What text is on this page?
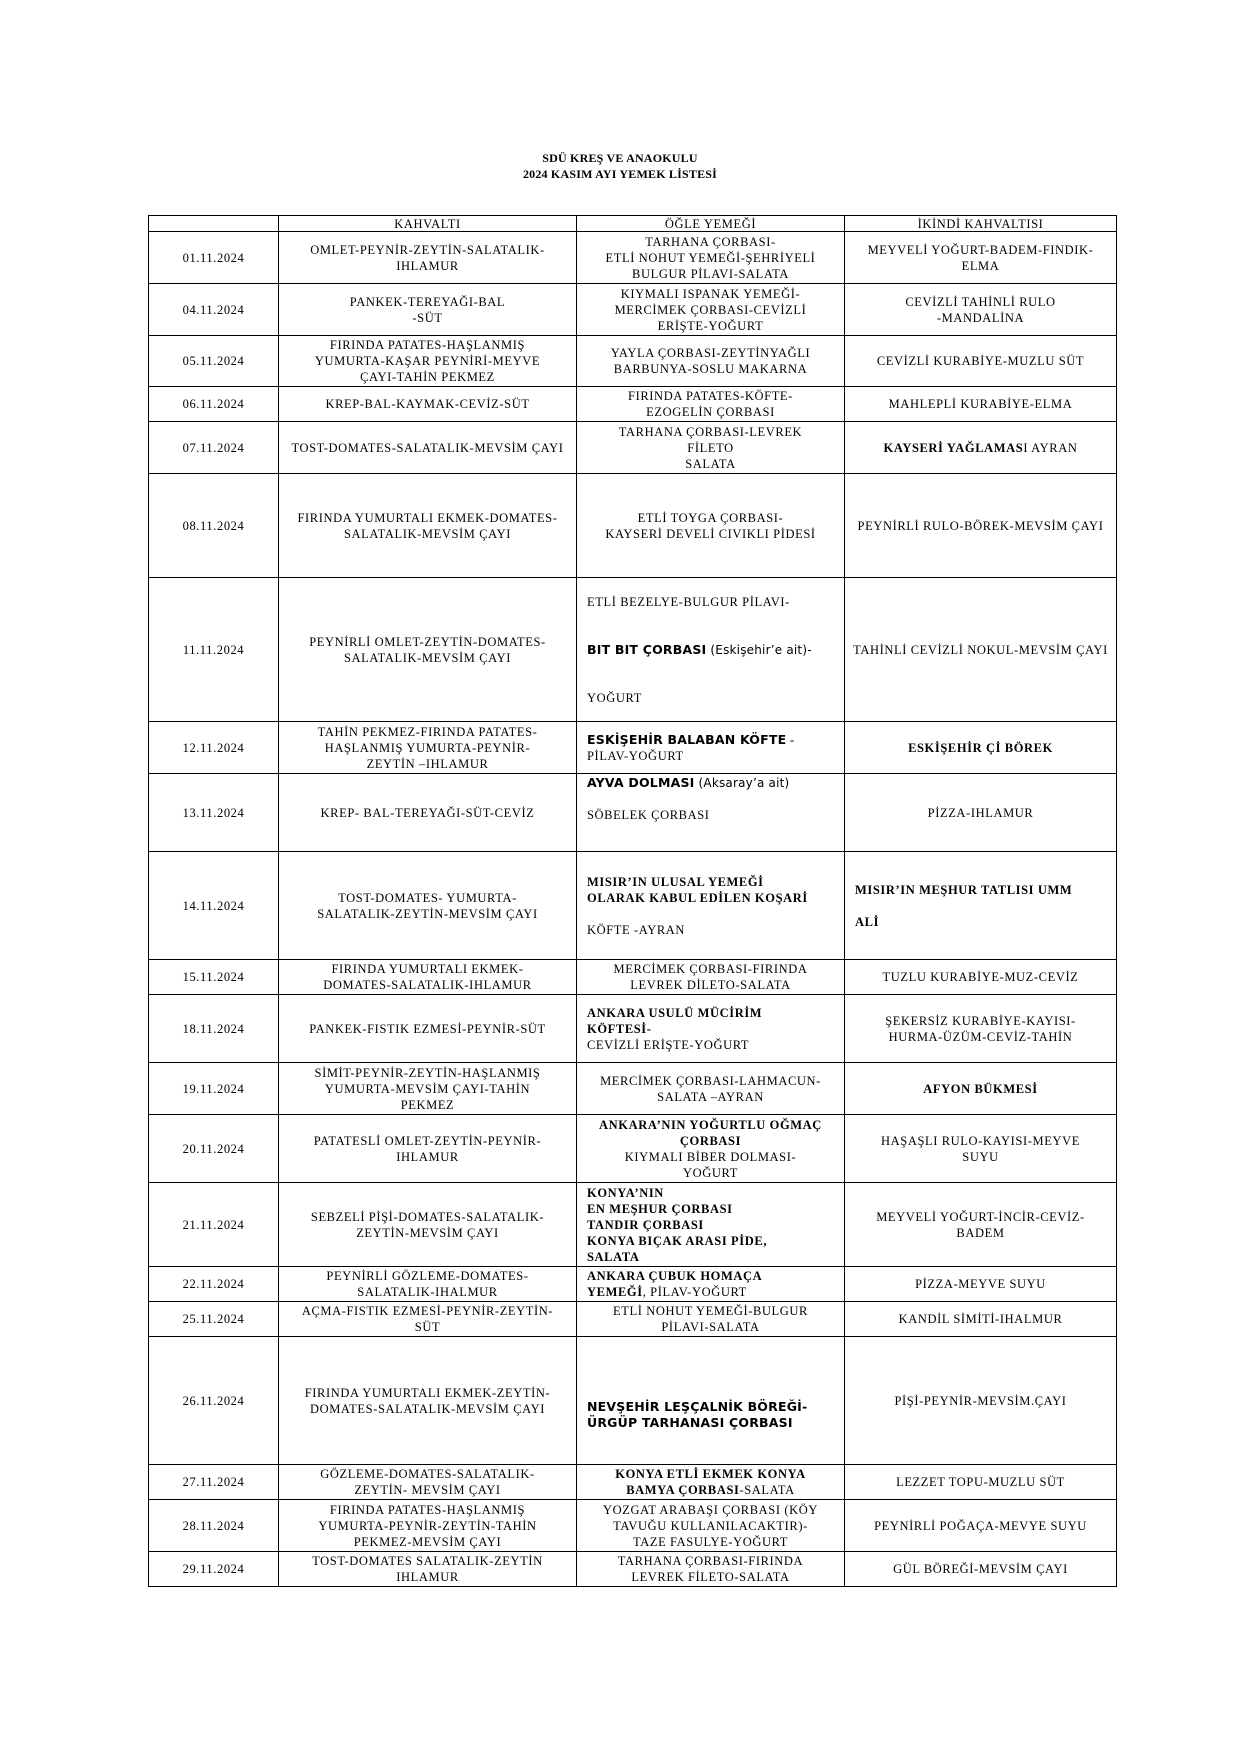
SDÜ KREŞ VE ANAOKULU
2024 KASIM AYI YEMEK LİSTESİ
	KAHVALTI	ÖĞLE YEMEĞİ	İKİNDİ KAHVALTISI
01.11.2024	OMLET-PEYNİR-ZEYTİN-SALATALIK-IHLAMUR	TARHANA ÇORBASI-
ETLİ NOHUT YEMEĞİ-ŞEHRİYELİ
BULGUR PİLAVI-SALATA	MEYVELİ YOĞURT-BADEM-FINDIK-ELMA
04.11.2024	PANKEK-TEREYAĞI-BAL
-SÜT	KIYMALI ISPANAK YEMEĞİ-
MERCİMEK ÇORBASI-CEVİZLİ
ERİŞTE-YOĞURT	CEVİZLİ TAHİNLİ RULO
-MANDALİNA

05.11.2024	FIRINDA PATATES-HAŞLANMIŞ
YUMURTA-KAŞAR PEYNİRİ-MEYVE
ÇAYI-TAHİN PEKMEZ	YAYLA ÇORBASI-ZEYTİNYAĞLI
BARBUNYA-SOSLU MAKARNA	CEVİZLİ KURABİYE-MUZLU SÜT
06.11.2024	KREP-BAL-KAYMAK-CEVİZ-SÜT	FIRINDA PATATES-KÖFTE-
EZOGELİN ÇORBASI	MAHLEPLİ KURABİYE-ELMA
07.11.2024	TOST-DOMATES-SALATALIK-MEVSİM ÇAYI	TARHANA ÇORBASI-LEVREK
FİLETO
SALATA	KAYSERİ YAĞLAMASI AYRAN
08.11.2024	FIRINDA YUMURTALI EKMEK-DOMATES-SALATALIK-MEVSİM ÇAYI	ETLİ TOYGA ÇORBASI-
KAYSERİ DEVELİ CIVIKLI PİDESİ	PEYNİRLİ RULO-BÖREK-MEVSİM ÇAYI
11.11.2024	PEYNİRLİ OMLET-ZEYTİN-DOMATES-SALATALIK-MEVSİM ÇAYI	ETLİ BEZELYE-BULGUR PİLAVI-
BIT BIT ÇORBASI (Eskişehir’e ait)-
YOĞURT	TAHİNLİ CEVİZLİ NOKUL-MEVSİM ÇAYI
12.11.2024	TAHİN PEKMEZ-FIRINDA PATATES-
HAŞLANMIŞ YUMURTA-PEYNİR-
ZEYTİN –IHLAMUR	ESKİŞEHİR BALABAN KÖFTE -
PİLAV-YOĞURT	ESKİŞEHİR Çİ BÖREK
13.11.2024	KREP- BAL-TEREYAĞI-SÜT-CEVİZ	AYVA DOLMASI (Aksaray’a ait)
SÖBELEK ÇORBASI	PİZZA-IHLAMUR
14.11.2024	TOST-DOMATES- YUMURTA-
SALATALIK-ZEYTİN-MEVSİM ÇAYI	MISIR’IN ULUSAL YEMEĞİ
OLARAK KABUL EDİLEN KOŞARİ
KÖFTE -AYRAN	MISIR’IN MEŞHUR TATLISI UMM
ALİ

15.11.2024	FIRINDA YUMURTALI EKMEK-
DOMATES-SALATALIK-IHLAMUR	MERCİMEK ÇORBASI-FIRINDA
LEVREK DİLETO-SALATA	TUZLU KURABİYE-MUZ-CEVİZ
18.11.2024	PANKEK-FISTIK EZMESİ-PEYNİR-SÜT	ANKARA USULÜ MÜCİRİM
KÖFTESİ-
CEVİZLİ ERİŞTE-YOĞURT	ŞEKERSİZ KURABİYE-KAYISI-
HURMA-ÜZÜM-CEVİZ-TAHİN

19.11.2024	SİMİT-PEYNİR-ZEYTİN-HAŞLANMIŞ
YUMURTA-MEVSİM ÇAYI-TAHİN
PEKMEZ	MERCİMEK ÇORBASI-LAHMACUN-
SALATA –AYRAN	AFYON BÜKMESİ
20.11.2024	PATATESLİ OMLET-ZEYTİN-PEYNİR-
IHLAMUR	ANKARA’NIN YOĞURTLU OĞMAÇ
ÇORBASI
KIYMALI BİBER DOLMASI-
YOĞURT	HAŞAŞLI RULO-KAYISI-MEYVE
SUYU

21.11.2024	SEBZELİ PİŞİ-DOMATES-SALATALIK-
ZEYTİN-MEVSİM ÇAYI	KONYA’NIN
EN MEŞHUR ÇORBASI
TANDIR ÇORBASI
KONYA BIÇAK ARASI PİDE,
SALATA	MEYVELİ YOĞURT-İNCİR-CEVİZ-
BADEM

22.11.2024	PEYNİRLİ GÖZLEME-DOMATES-
SALATALIK-IHALMUR	ANKARA ÇUBUK HOMAÇA
YEMEĞİ, PİLAV-YOĞURT	PİZZA-MEYVE SUYU
25.11.2024	AÇMA-FISTIK EZMESİ-PEYNİR-ZEYTİN-
SÜT	ETLİ NOHUT YEMEĞİ-BULGUR
PİLAVI-SALATA	KANDİL SİMİTİ-IHALMUR
26.11.2024	FIRINDA YUMURTALI EKMEK-ZEYTİN-
DOMATES-SALATALIK-MEVSİM ÇAYI	NEVŞEHİR LEŞÇALNİK BÖREĞİ-
ÜRGÜP TARHANASI ÇORBASI	PİŞİ-PEYNİR-MEVSİM.ÇAYI
27.11.2024	GÖZLEME-DOMATES-SALATALIK-
ZEYTİN- MEVSİM ÇAYI	KONYA ETLİ EKMEK KONYA
BAMYA ÇORBASI-SALATA	LEZZET TOPU-MUZLU SÜT
28.11.2024	FIRINDA PATATES-HAŞLANMIŞ
YUMURTA-PEYNİR-ZEYTİN-TAHİN
PEKMEZ-MEVSİM ÇAYI	YOZGAT ARABAŞI ÇORBASI (KÖY
TAVUĞU KULLANILACAKTIR)-
TAZE FASULYE-YOĞURT	PEYNİRLİ POĞAÇA-MEVYE SUYU
29.11.2024	TOST-DOMATES SALATALIK-ZEYTİN
IHLAMUR	TARHANA ÇORBASI-FIRINDA
LEVREK FİLETO-SALATA	GÜL BÖREĞİ-MEVSİM ÇAYI
